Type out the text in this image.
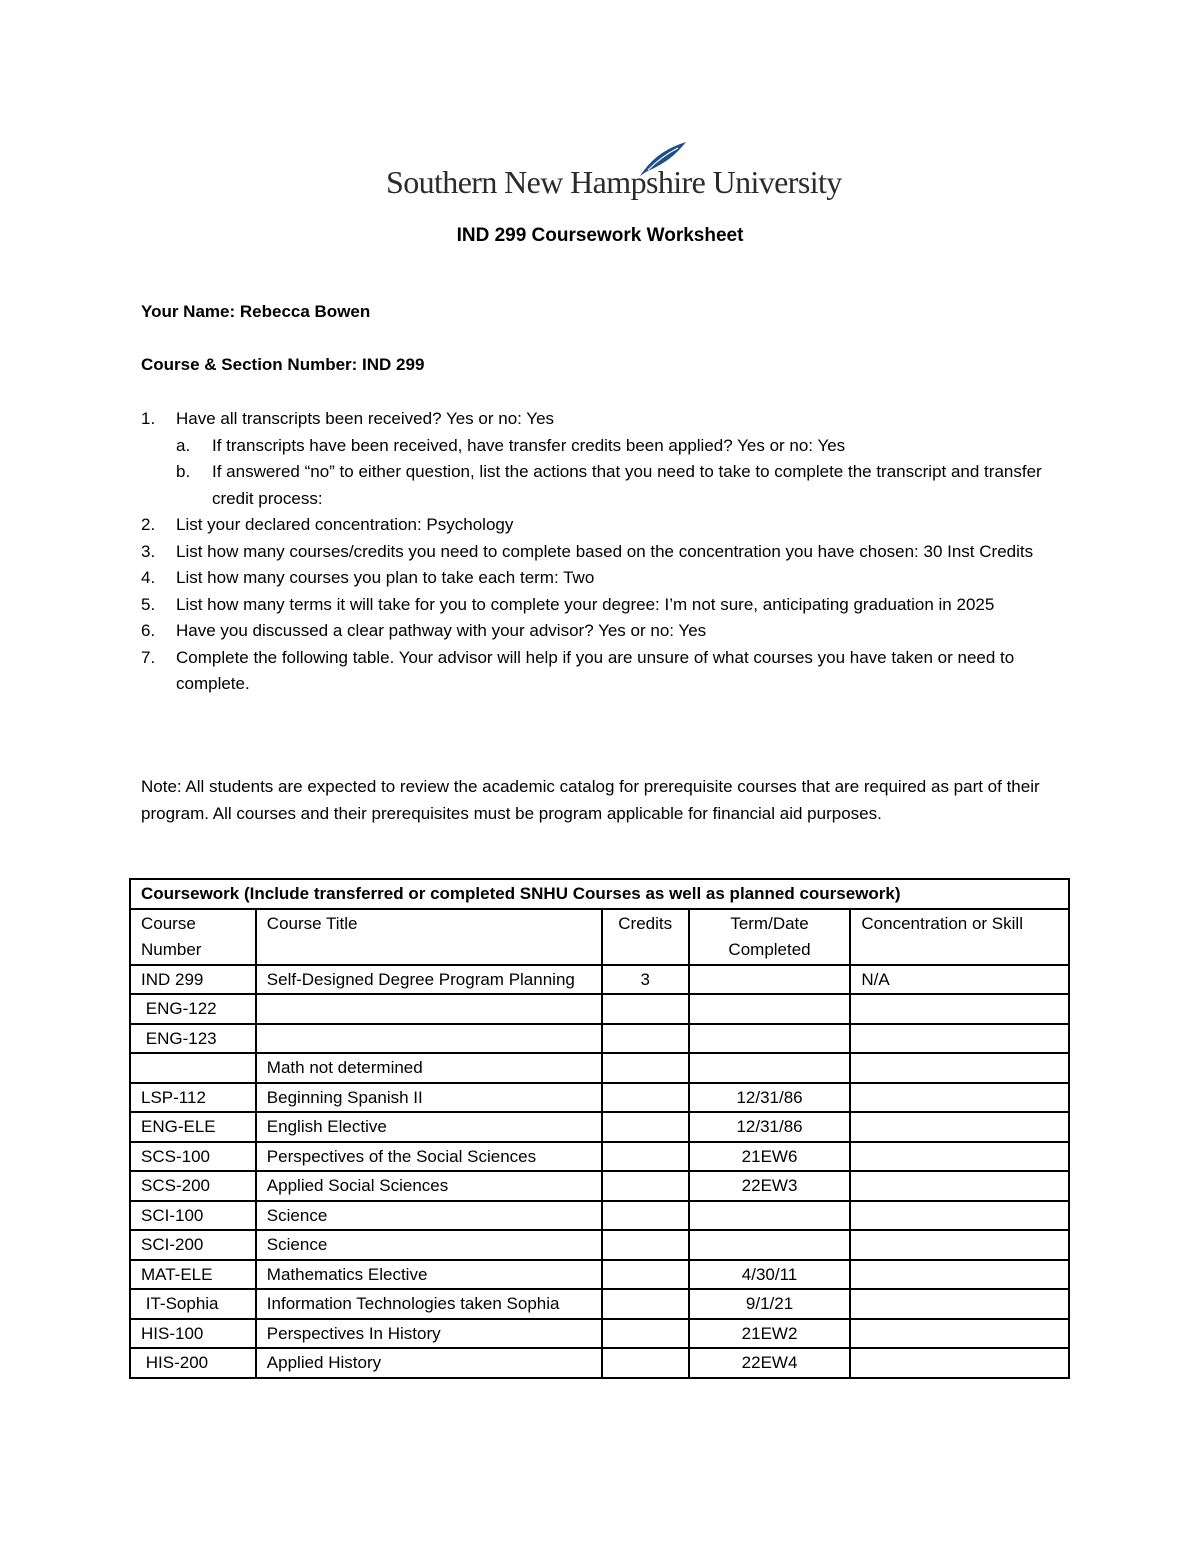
Southern New Hampshire University
IND 299 Coursework Worksheet
Your Name: Rebecca Bowen
Course & Section Number: IND 299
1. Have all transcripts been received? Yes or no: Yes
a. If transcripts have been received, have transfer credits been applied? Yes or no: Yes
b. If answered “no” to either question, list the actions that you need to take to complete the transcript and transfer credit process:
2. List your declared concentration: Psychology
3. List how many courses/credits you need to complete based on the concentration you have chosen: 30 Inst Credits
4. List how many courses you plan to take each term: Two
5. List how many terms it will take for you to complete your degree: I’m not sure, anticipating graduation in 2025
6. Have you discussed a clear pathway with your advisor? Yes or no: Yes
7. Complete the following table. Your advisor will help if you are unsure of what courses you have taken or need to complete.
Note: All students are expected to review the academic catalog for prerequisite courses that are required as part of their program. All courses and their prerequisites must be program applicable for financial aid purposes.
Coursework (Include transferred or completed SNHU Courses as well as planned coursework)				
Course Number	Course Title	Credits	Term/Date Completed	Concentration or Skill
IND 299	Self-Designed Degree Program Planning	3		N/A
ENG-122				
ENG-123				
	Math not determined			
LSP-112	Beginning Spanish II		12/31/86	
ENG-ELE	English Elective		12/31/86	
SCS-100	Perspectives of the Social Sciences		21EW6	
SCS-200	Applied Social Sciences		22EW3	
SCI-100	Science			
SCI-200	Science			
MAT-ELE	Mathematics Elective		4/30/11	
IT-Sophia	Information Technologies taken Sophia		9/1/21	
HIS-100	Perspectives In History		21EW2	
HIS-200	Applied History		22EW4	
